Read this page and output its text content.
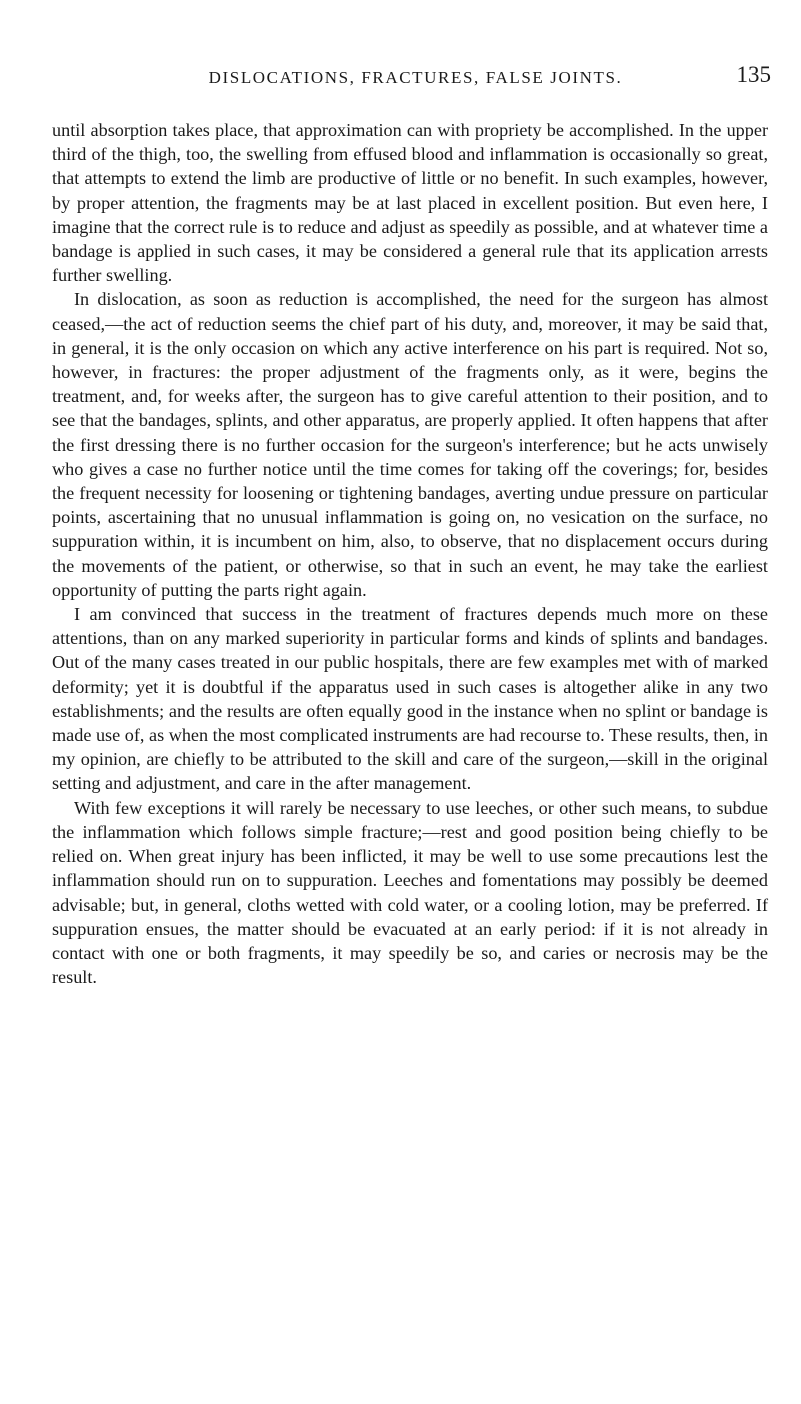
DISLOCATIONS, FRACTURES, FALSE JOINTS.	135

until absorption takes place, that approximation can with propriety be accomplished. In the upper third of the thigh, too, the swelling from effused blood and inflammation is occasionally so great, that attempts to extend the limb are productive of little or no benefit. In such examples, however, by proper attention, the fragments may be at last placed in excellent position. But even here, I imagine that the correct rule is to reduce and adjust as speedily as possible, and at whatever time a bandage is applied in such cases, it may be considered a general rule that its application arrests further swelling.

In dislocation, as soon as reduction is accomplished, the need for the surgeon has almost ceased,—the act of reduction seems the chief part of his duty, and, moreover, it may be said that, in general, it is the only occasion on which any active interference on his part is required. Not so, however, in fractures: the proper adjustment of the fragments only, as it were, begins the treatment, and, for weeks after, the surgeon has to give careful attention to their position, and to see that the bandages, splints, and other apparatus, are properly applied. It often happens that after the first dressing there is no further occasion for the surgeon's interference; but he acts unwisely who gives a case no further notice until the time comes for taking off the coverings; for, besides the frequent necessity for loosening or tightening bandages, averting undue pressure on particular points, ascertaining that no unusual inflammation is going on, no vesication on the surface, no suppuration within, it is incumbent on him, also, to observe, that no displacement occurs during the movements of the patient, or otherwise, so that in such an event, he may take the earliest opportunity of putting the parts right again.

I am convinced that success in the treatment of fractures depends much more on these attentions, than on any marked superiority in particular forms and kinds of splints and bandages. Out of the many cases treated in our public hospitals, there are few examples met with of marked deformity; yet it is doubtful if the apparatus used in such cases is altogether alike in any two establishments; and the results are often equally good in the instance when no splint or bandage is made use of, as when the most complicated instruments are had recourse to. These results, then, in my opinion, are chiefly to be attributed to the skill and care of the surgeon,—skill in the original setting and adjustment, and care in the after management.

With few exceptions it will rarely be necessary to use leeches, or other such means, to subdue the inflammation which follows simple fracture;—rest and good position being chiefly to be relied on. When great injury has been inflicted, it may be well to use some precautions lest the inflammation should run on to suppuration. Leeches and fomentations may possibly be deemed advisable; but, in general, cloths wetted with cold water, or a cooling lotion, may be preferred. If suppuration ensues, the matter should be evacuated at an early period: if it is not already in contact with one or both fragments, it may speedily be so, and caries or necrosis may be the result.
